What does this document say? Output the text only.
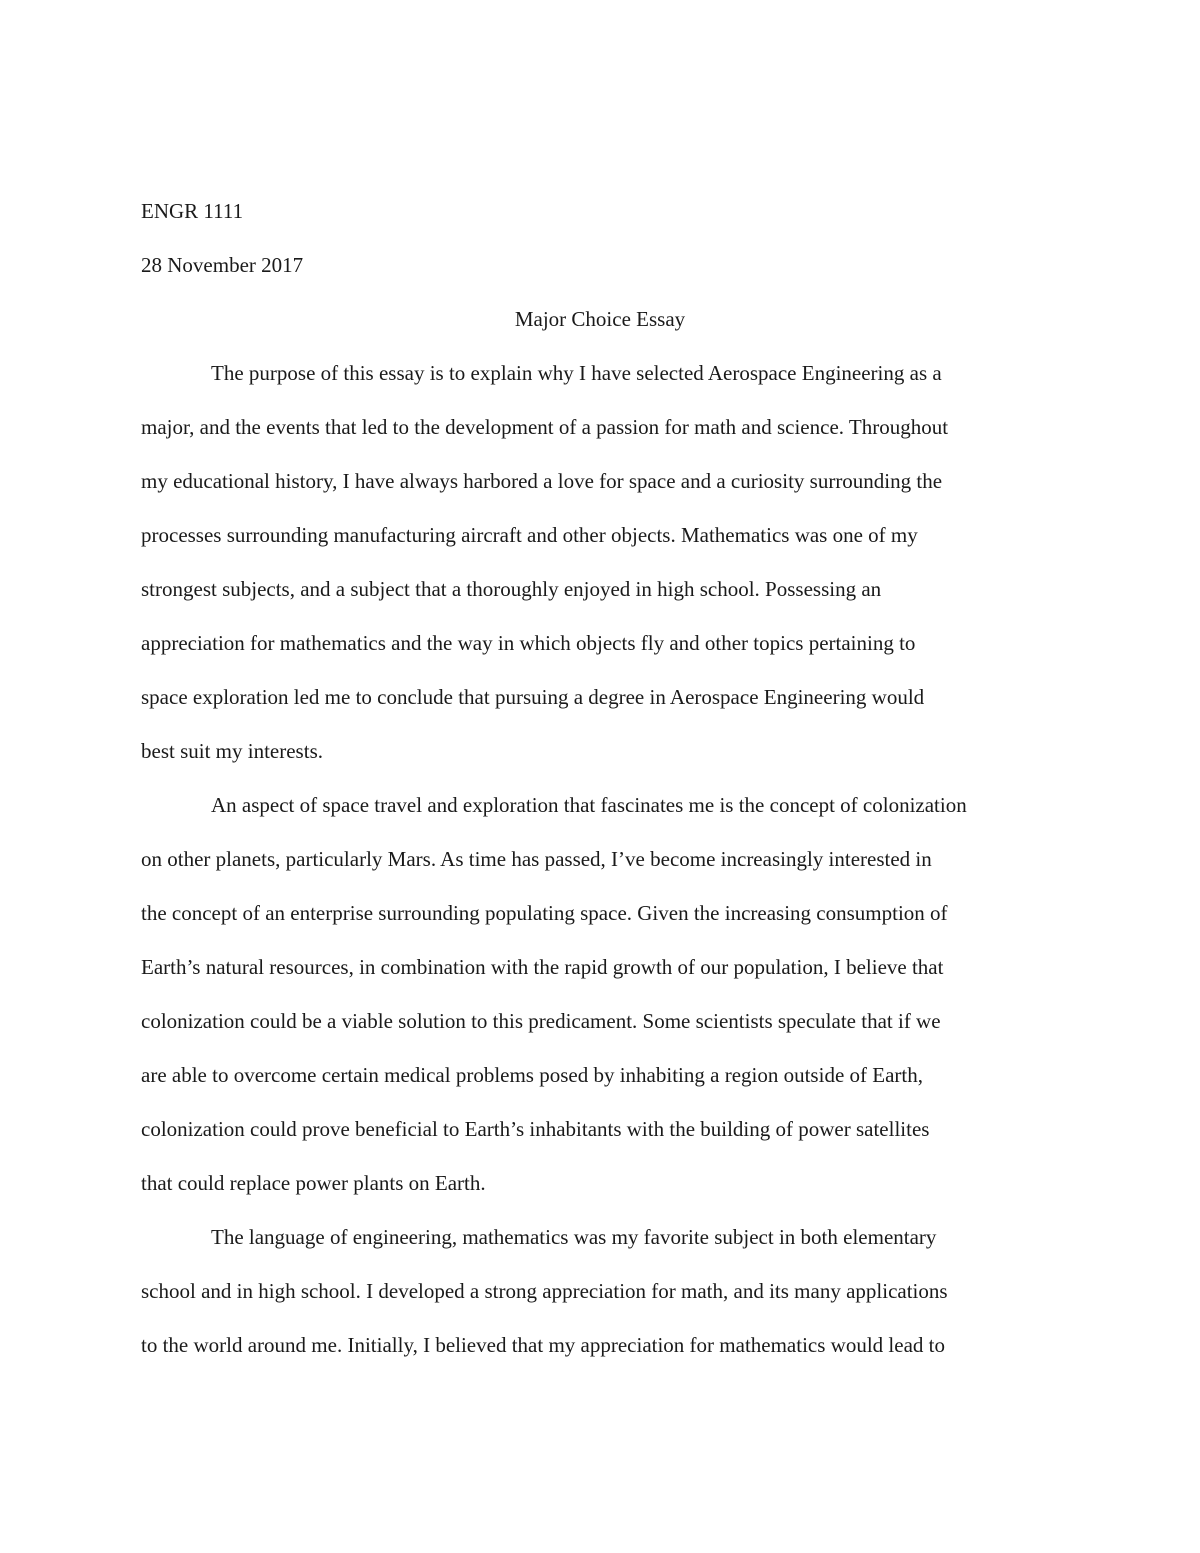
ENGR 1111
28 November 2017
Major Choice Essay
The purpose of this essay is to explain why I have selected Aerospace Engineering as a
major, and the events that led to the development of a passion for math and science. Throughout
my educational history, I have always harbored a love for space and a curiosity surrounding the
processes surrounding manufacturing aircraft and other objects. Mathematics was one of my
strongest subjects, and a subject that a thoroughly enjoyed in high school. Possessing an
appreciation for mathematics and the way in which objects fly and other topics pertaining to
space exploration led me to conclude that pursuing a degree in Aerospace Engineering would
best suit my interests.
An aspect of space travel and exploration that fascinates me is the concept of colonization
on other planets, particularly Mars. As time has passed, I’ve become increasingly interested in
the concept of an enterprise surrounding populating space. Given the increasing consumption of
Earth’s natural resources, in combination with the rapid growth of our population, I believe that
colonization could be a viable solution to this predicament. Some scientists speculate that if we
are able to overcome certain medical problems posed by inhabiting a region outside of Earth,
colonization could prove beneficial to Earth’s inhabitants with the building of power satellites
that could replace power plants on Earth.
The language of engineering, mathematics was my favorite subject in both elementary
school and in high school. I developed a strong appreciation for math, and its many applications
to the world around me. Initially, I believed that my appreciation for mathematics would lead to
